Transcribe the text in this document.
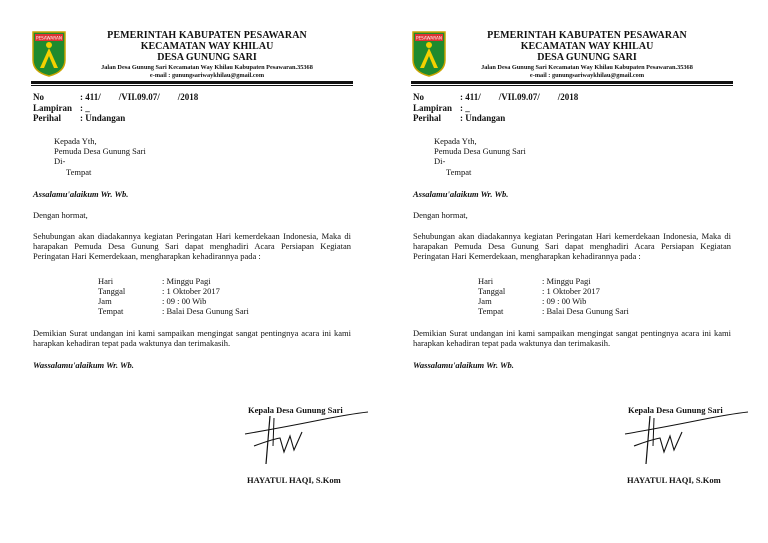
PESAWARAN	PEMERINTAH KABUPATEN PESAWARAN
KECAMATAN WAY KHILAU
DESA GUNUNG SARI
Jalan Desa Gunung Sari Kecamatan Way Khilau Kabupaten Pesawaran.35368
e-mail : gunungsariwaykhilau@gmail.com
No	: 411/        /VII.09.07/        /2018
Lampiran : _
Perihal : Undangan
Kepada Yth,
Pemuda Desa Gunung Sari
Di-
Tempat
Assalamu'alaikum Wr. Wb.
Dengan hormat,
Sehubungan akan diadakannya kegiatan Peringatan Hari kemerdekaan Indonesia, Maka di harapakan Pemuda Desa Gunung Sari dapat menghadiri Acara Persiapan Kegiatan Peringatan Hari Kemerdekaan, mengharapkan kehadirannya pada :
Hari	: Minggu Pagi
Tanggal	: 1 Oktober 2017
Jam	: 09 : 00 Wib
Tempat	: Balai Desa Gunung Sari
Demikian Surat undangan ini kami sampaikan mengingat sangat pentingnya acara ini kami harapkan kehadiran tepat pada waktunya dan terimakasih.
Wassalamu'alaikum Wr. Wb.
Kepala Desa Gunung Sari
HAYATUL HAQI, S.Kom
PESAWARAN	PEMERINTAH KABUPATEN PESAWARAN
KECAMATAN WAY KHILAU
DESA GUNUNG SARI
Jalan Desa Gunung Sari Kecamatan Way Khilau Kabupaten Pesawaran.35368
e-mail : gunungsariwaykhilau@gmail.com
No	: 411/        /VII.09.07/        /2018
Lampiran : _
Perihal : Undangan
Kepada Yth,
Pemuda Desa Gunung Sari
Di-
Tempat
Assalamu'alaikum Wr. Wb.
Dengan hormat,
Sehubungan akan diadakannya kegiatan Peringatan Hari kemerdekaan Indonesia, Maka di harapakan Pemuda Desa Gunung Sari dapat menghadiri Acara Persiapan Kegiatan Peringatan Hari Kemerdekaan, mengharapkan kehadirannya pada :
Hari	: Minggu Pagi
Tanggal	: 1 Oktober 2017
Jam	: 09 : 00 Wib
Tempat	: Balai Desa Gunung Sari
Demikian Surat undangan ini kami sampaikan mengingat sangat pentingnya acara ini kami harapkan kehadiran tepat pada waktunya dan terimakasih.
Wassalamu'alaikum Wr. Wb.
Kepala Desa Gunung Sari
HAYATUL HAQI, S.Kom
